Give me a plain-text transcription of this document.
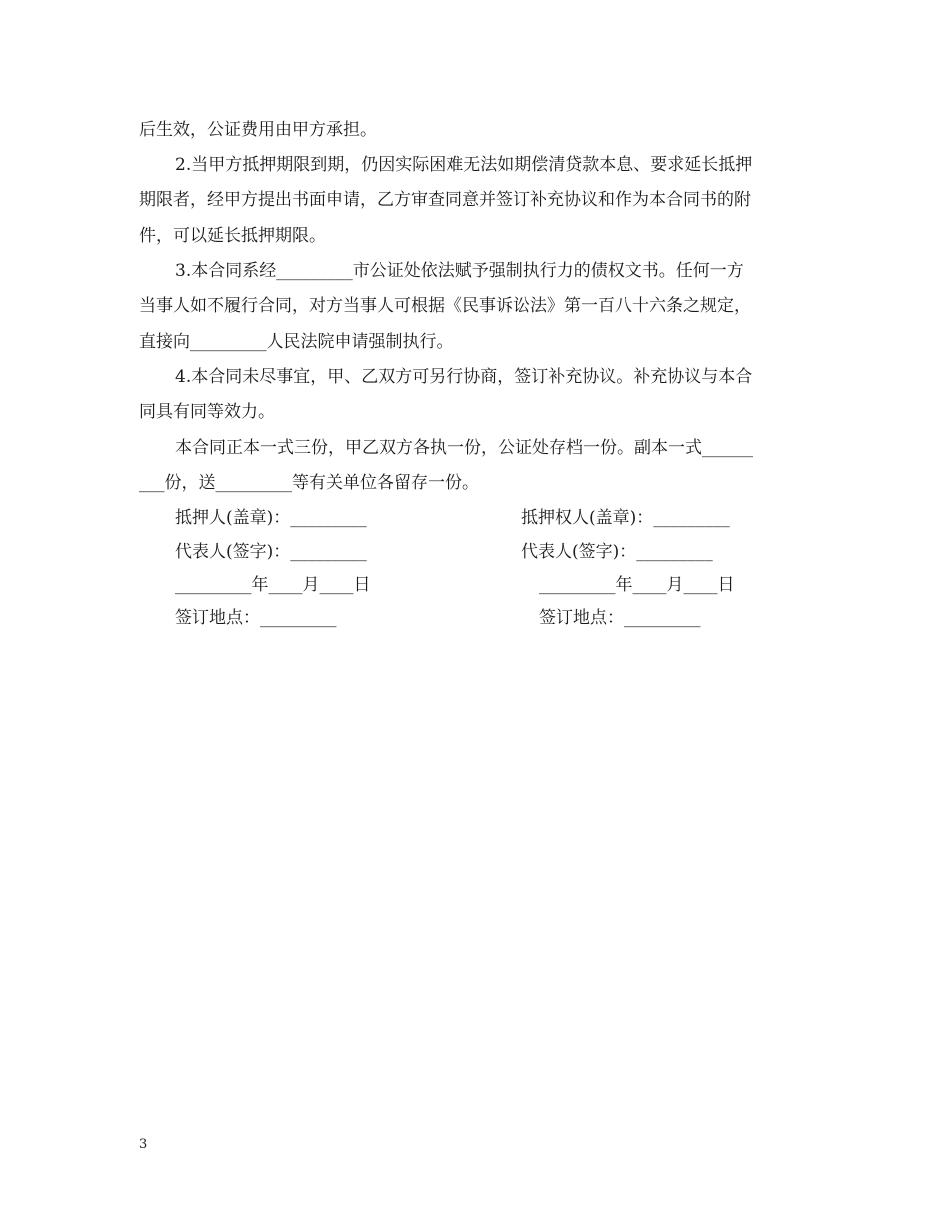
后生效，公证费用由甲方承担。
2.当甲方抵押期限到期，仍因实际困难无法如期偿清贷款本息、要求延长抵押
期限者，经甲方提出书面申请，乙方审查同意并签订补充协议和作为本合同书的附
件，可以延长抵押期限。
3.本合同系经_________市公证处依法赋予强制执行力的债权文书。任何一方
当事人如不履行合同，对方当事人可根据《民事诉讼法》第一百八十六条之规定，
直接向_________人民法院申请强制执行。
4.本合同未尽事宜，甲、乙双方可另行协商，签订补充协议。补充协议与本合
同具有同等效力。
本合同正本一式三份，甲乙双方各执一份，公证处存档一份。副本一式______
___份，送_________等有关单位各留存一份。
抵押人(盖章)：_________
代表人(签字)：_________
_________年____月____日
签订地点：_________
抵押权人(盖章)：_________
代表人(签字)：_________
_________年____月____日
签订地点：_________
3
